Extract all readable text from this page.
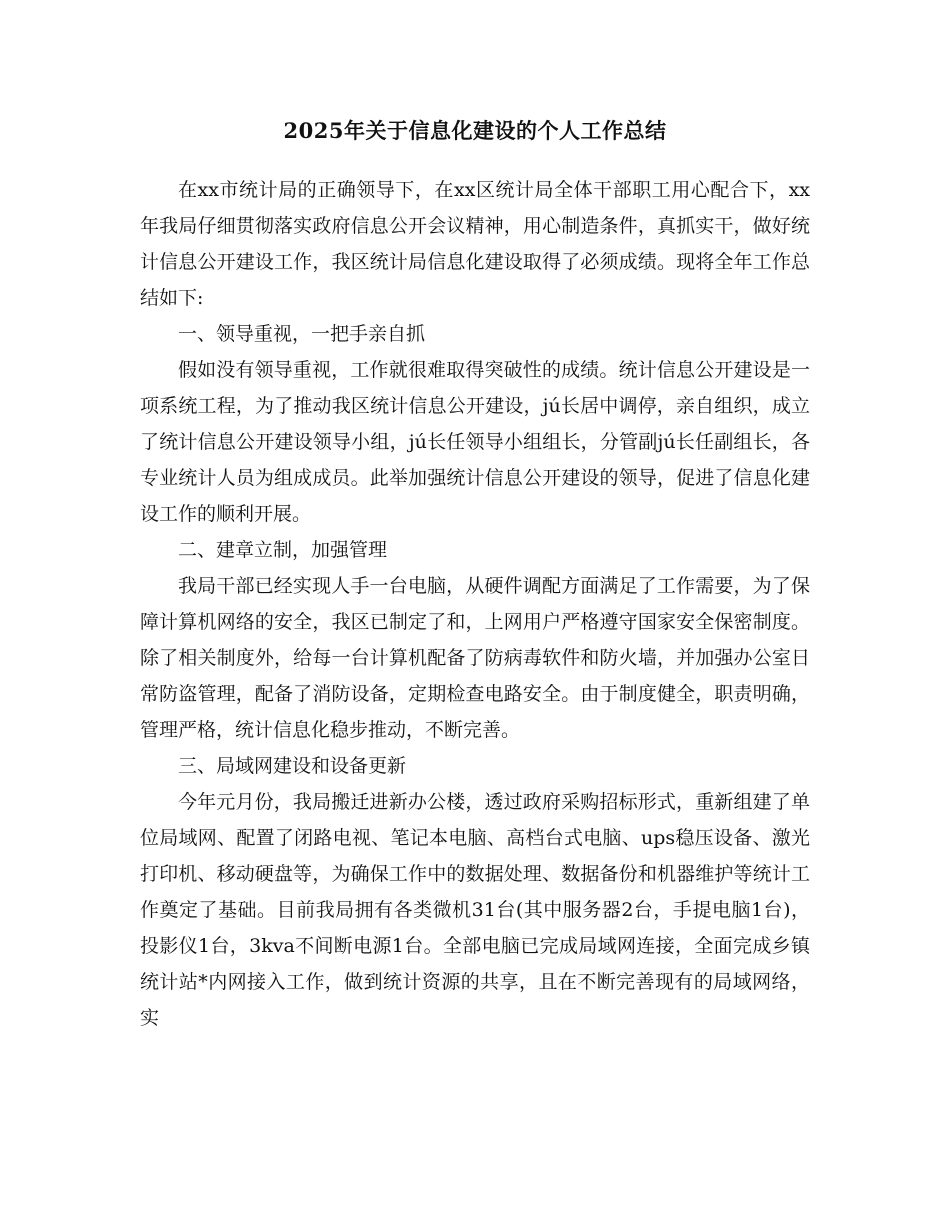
2025年关于信息化建设的个人工作总结

在xx市统计局的正确领导下，在xx区统计局全体干部职工用心配合下，xx年我局仔细贯彻落实政府信息公开会议精神，用心制造条件，真抓实干，做好统计信息公开建设工作，我区统计局信息化建设取得了必须成绩。现将全年工作总结如下:

一、领导重视，一把手亲自抓

假如没有领导重视，工作就很难取得突破性的成绩。统计信息公开建设是一项系统工程，为了推动我区统计信息公开建设，jú长居中调停，亲自组织，成立了统计信息公开建设领导小组，jú长任领导小组组长，分管副jú长任副组长，各专业统计人员为组成成员。此举加强统计信息公开建设的领导，促进了信息化建设工作的顺利开展。

二、建章立制，加强管理

我局干部已经实现人手一台电脑，从硬件调配方面满足了工作需要，为了保障计算机网络的安全，我区已制定了和，上网用户严格遵守国家安全保密制度。除了相关制度外，给每一台计算机配备了防病毒软件和防火墙，并加强办公室日常防盗管理，配备了消防设备，定期检查电路安全。由于制度健全，职责明确，管理严格，统计信息化稳步推动，不断完善。

三、局域网建设和设备更新

今年元月份，我局搬迁进新办公楼，透过政府采购招标形式，重新组建了单位局域网、配置了闭路电视、笔记本电脑、高档台式电脑、ups稳压设备、激光打印机、移动硬盘等，为确保工作中的数据处理、数据备份和机器维护等统计工作奠定了基础。目前我局拥有各类微机31台(其中服务器2台，手提电脑1台)，投影仪1台，3kva不间断电源1台。全部电脑已完成局域网连接，全面完成乡镇统计站*内网接入工作，做到统计资源的共享，且在不断完善现有的局域网络，实
